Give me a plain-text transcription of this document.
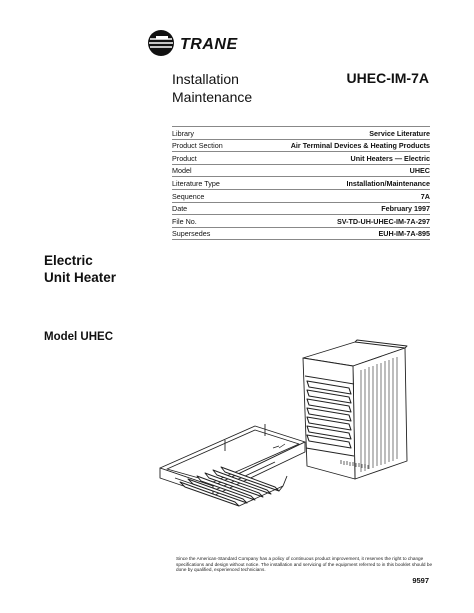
TRANE
Installation
Maintenance
UHEC-IM-7A
Library	Service Literature
Product Section	Air Terminal Devices & Heating Products
Product	Unit Heaters — Electric
Model	UHEC
Literature Type	Installation/Maintenance
Sequence	7A
Date	February 1997
File No.	SV-TD-UH-UHEC-IM-7A-297
Supersedes	EUH-IM-7A-895
Electric
Unit Heater
Model UHEC
Since the American-Standard Company has a policy of continuous product improvement, it reserves the right to change specifications and design without notice. The installation and servicing of the equipment referred to in this booklet should be done by qualified, experienced technicians.
9597
